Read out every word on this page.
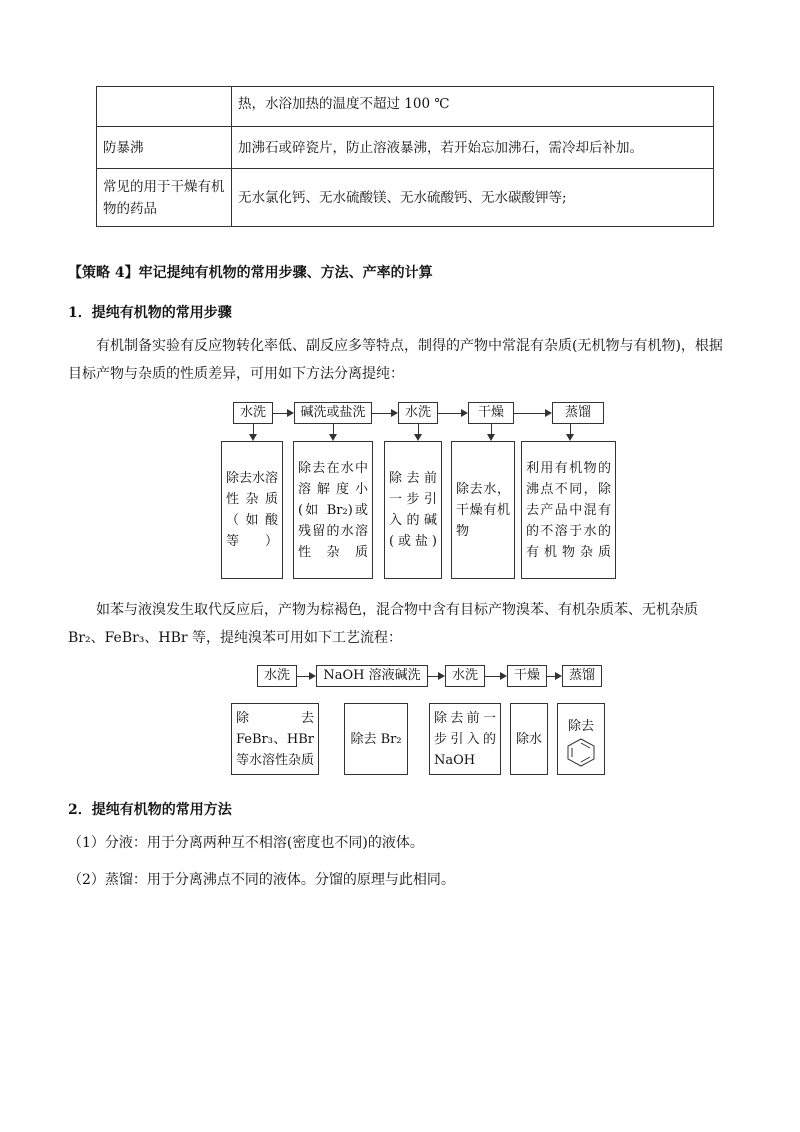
	热，水浴加热的温度不超过 100 ℃
防暴沸	加沸石或碎瓷片，防止溶液暴沸，若开始忘加沸石，需冷却后补加。
常见的用于干燥有机物的药品	无水氯化钙、无水硫酸镁、无水硫酸钙、无水碳酸钾等;
【策略 4】牢记提纯有机物的常用步骤、方法、产率的计算
1．提纯有机物的常用步骤
有机制备实验有反应物转化率低、副反应多等特点，制得的产物中常混有杂质(无机物与有机物)，根据目标产物与杂质的性质差异，可用如下方法分离提纯：
水洗	碱洗或盐洗	水洗	干燥	蒸馏
除去水溶性杂质（如酸等）
除去在水中溶解度小(如 Br₂)或残留的水溶性杂质
除去前一步引入的碱(或盐)
除去水，干燥有机物
利用有机物的沸点不同，除去产品中混有的不溶于水的有机物杂质
如苯与液溴发生取代反应后，产物为棕褐色，混合物中含有目标产物溴苯、有机杂质苯、无机杂质 Br₂、FeBr₃、HBr 等，提纯溴苯可用如下工艺流程：
水洗	NaOH 溶液碱洗	水洗	干燥	蒸馏
除去 FeBr₃、HBr 等水溶性杂质
除去 Br₂
除去前一步引入的 NaOH
除水
除去
2．提纯有机物的常用方法
（1）分液：用于分离两种互不相溶(密度也不同)的液体。
（2）蒸馏：用于分离沸点不同的液体。分馏的原理与此相同。
